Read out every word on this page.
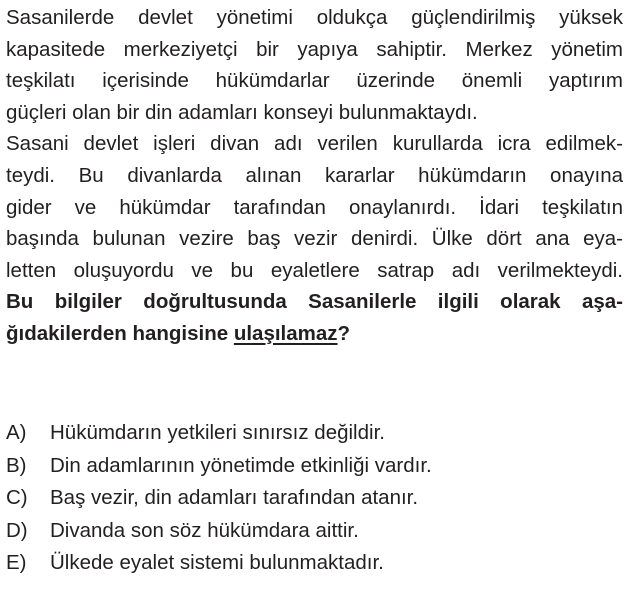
Sasanilerde devlet yönetimi oldukça güçlendirilmiş yüksek
kapasitede merkeziyetçi bir yapıya sahiptir. Merkez yönetim
teşkilatı içerisinde hükümdarlar üzerinde önemli yaptırım
güçleri olan bir din adamları konseyi bulunmaktaydı.
Sasani devlet işleri divan adı verilen kurullarda icra edilmek-
teydi. Bu divanlarda alınan kararlar hükümdarın onayına
gider ve hükümdar tarafından onaylanırdı. İdari teşkilatın
başında bulunan vezire baş vezir denirdi. Ülke dört ana eya-
letten oluşuyordu ve bu eyaletlere satrap adı verilmekteydi.
Bu bilgiler doğrultusunda Sasanilerle ilgili olarak aşa-
ğıdakilerden hangisine ulaşılamaz?
A)	Hükümdarın yetkileri sınırsız değildir.
B)	Din adamlarının yönetimde etkinliği vardır.
C)	Baş vezir, din adamları tarafından atanır.
D)	Divanda son söz hükümdara aittir.
E)	Ülkede eyalet sistemi bulunmaktadır.
